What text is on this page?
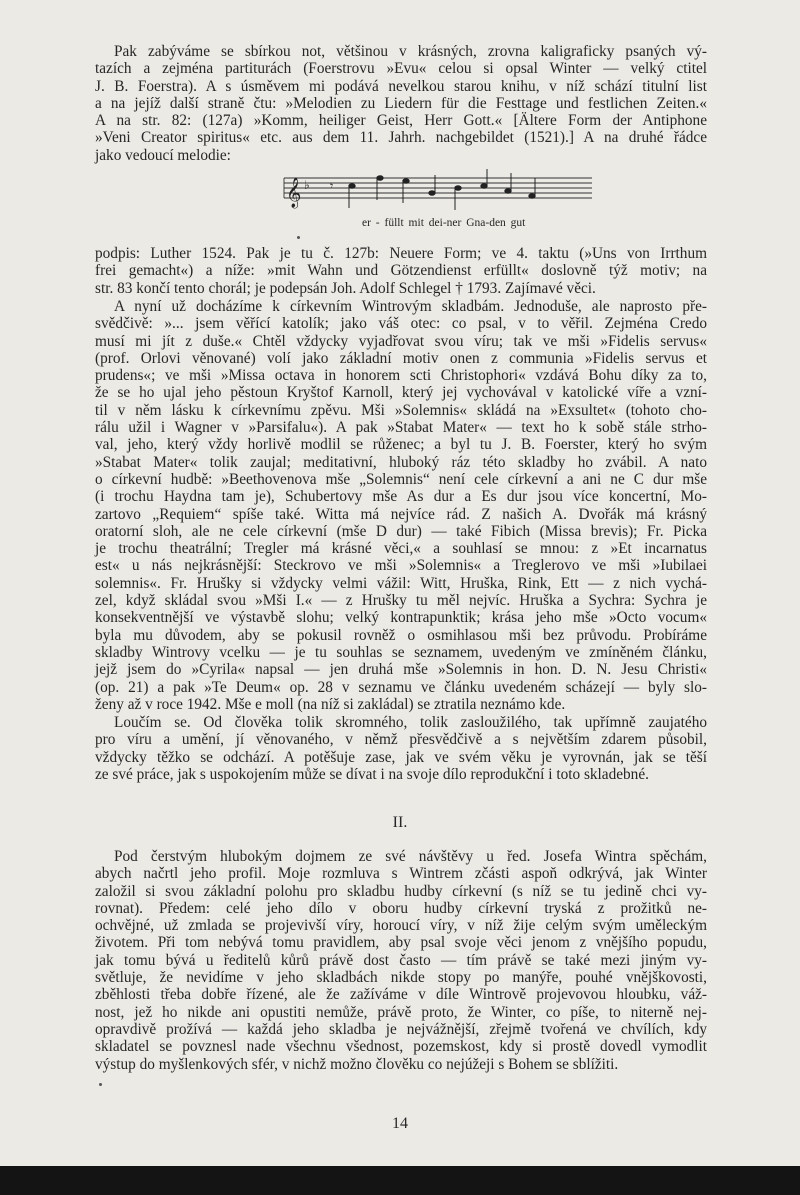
Pak zabýváme se sbírkou not, většinou v krásných, zrovna kaligraficky psaných vý-
tazích a zejména partiturách (Foerstrovu »Evu« celou si opsal Winter — velký ctitel
J. B. Foerstra). A s úsměvem mi podává nevelkou starou knihu, v níž schází titulní list
a na jejíž další straně čtu: »Melodien zu Liedern für die Festtage und festlichen Zeiten.«
A na str. 82: (127a) »Komm, heiliger Geist, Herr Gott.« [Ältere Form der Antiphone
»Veni Creator spiritus« etc. aus dem 11. Jahrh. nachgebildet (1521).] A na druhé řádce
jako vedoucí melodie:
𝄞 ♭ 𝄾
er - füllt mit dei-ner Gna-den gut
podpis: Luther 1524. Pak je tu č. 127b: Neuere Form; ve 4. taktu (»Uns von Irrthum
frei gemacht«) a níže: »mit Wahn und Götzendienst erfüllt« doslovně týž motiv; na
str. 83 končí tento chorál; je podepsán Joh. Adolf Schlegel † 1793. Zajímavé věci.
A nyní už docházíme k církevním Wintrovým skladbám. Jednoduše, ale naprosto pře-
svědčivě: »... jsem věřící katolík; jako váš otec: co psal, v to věřil. Zejména Credo
musí mi jít z duše.« Chtěl vždycky vyjadřovat svou víru; tak ve mši »Fidelis servus«
(prof. Orlovi věnované) volí jako základní motiv onen z communia »Fidelis servus et
prudens«; ve mši »Missa octava in honorem scti Christophori« vzdává Bohu díky za to,
že se ho ujal jeho pěstoun Kryštof Karnoll, který jej vychovával v katolické víře a vzní-
til v něm lásku k církevnímu zpěvu. Mši »Solemnis« skládá na »Exsultet« (tohoto cho-
rálu užil i Wagner v »Parsifalu«). A pak »Stabat Mater« — text ho k sobě stále strho-
val, jeho, který vždy horlivě modlil se růženec; a byl tu J. B. Foerster, který ho svým
»Stabat Mater« tolik zaujal; meditativní, hluboký ráz této skladby ho zvábil. A nato
o církevní hudbě: »Beethovenova mše „Solemnis“ není cele církevní a ani ne C dur mše
(i trochu Haydna tam je), Schubertovy mše As dur a Es dur jsou více koncertní, Mo-
zartovo „Requiem“ spíše také. Witta má nejvíce rád. Z našich A. Dvořák má krásný
oratorní sloh, ale ne cele církevní (mše D dur) — také Fibich (Missa brevis); Fr. Picka
je trochu theatrální; Tregler má krásné věci,« a souhlasí se mnou: z »Et incarnatus
est« u nás nejkrásnější: Steckrovo ve mši »Solemnis« a Treglerovo ve mši »Iubilaei
solemnis«. Fr. Hrušky si vždycky velmi vážil: Witt, Hruška, Rink, Ett — z nich vychá-
zel, když skládal svou »Mši I.« — z Hrušky tu měl nejvíc. Hruška a Sychra: Sychra je
konsekventnější ve výstavbě slohu; velký kontrapunktik; krása jeho mše »Octo vocum«
byla mu důvodem, aby se pokusil rovněž o osmihlasou mši bez průvodu. Probíráme
skladby Wintrovy vcelku — je tu souhlas se seznamem, uvedeným ve zmíněném článku,
jejž jsem do »Cyrila« napsal — jen druhá mše »Solemnis in hon. D. N. Jesu Christi«
(op. 21) a pak »Te Deum« op. 28 v seznamu ve článku uvedeném scházejí — byly slo-
ženy až v roce 1942. Mše e moll (na níž si zakládal) se ztratila neznámo kde.
Loučím se. Od člověka tolik skromného, tolik zasloužilého, tak upřímně zaujatého
pro víru a umění, jí věnovaného, v němž přesvědčivě a s největším zdarem působil,
vždycky těžko se odchází. A potěšuje zase, jak ve svém věku je vyrovnán, jak se těší
ze své práce, jak s uspokojením může se dívat i na svoje dílo reprodukční i toto skladebné.
II.
Pod čerstvým hlubokým dojmem ze své návštěvy u řed. Josefa Wintra spěchám,
abych načrtl jeho profil. Moje rozmluva s Wintrem zčásti aspoň odkrývá, jak Winter
založil si svou základní polohu pro skladbu hudby církevní (s níž se tu jedině chci vy-
rovnat). Předem: celé jeho dílo v oboru hudby církevní tryská z prožitků ne-
ochvějné, už zmlada se projevivší víry, horoucí víry, v níž žije celým svým uměleckým
životem. Při tom nebývá tomu pravidlem, aby psal svoje věci jenom z vnějšího popudu,
jak tomu bývá u ředitelů kůrů právě dost často — tím právě se také mezi jiným vy-
světluje, že nevidíme v jeho skladbách nikde stopy po manýře, pouhé vnějškovosti,
zběhlosti třeba dobře řízené, ale že zažíváme v díle Wintrově projevovou hloubku, váž-
nost, jež ho nikde ani opustiti nemůže, právě proto, že Winter, co píše, to niterně nej-
opravdivě prožívá — každá jeho skladba je nejvážnější, zřejmě tvořená ve chvílích, kdy
skladatel se povznesl nade všechnu všednost, pozemskost, kdy si prostě dovedl vymodlit
výstup do myšlenkových sfér, v nichž možno člověku co nejúžeji s Bohem se sblížiti.
14
